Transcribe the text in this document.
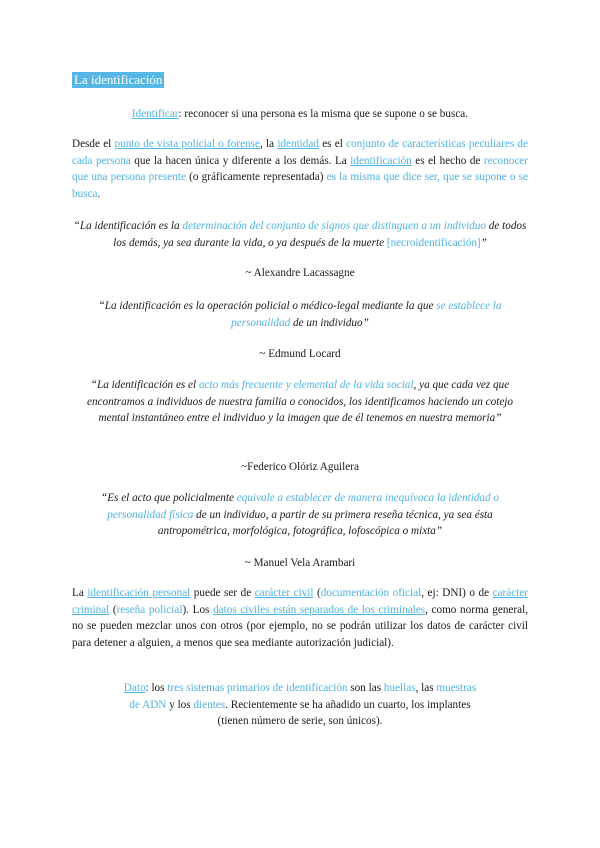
La identificación
Identificar: reconocer si una persona es la misma que se supone o se busca.
Desde el punto de vista policial o forense, la identidad es el conjunto de características peculiares de cada persona que la hacen única y diferente a los demás. La identificación es el hecho de reconocer que una persona presente (o gráficamente representada) es la misma que dice ser, que se supone o se busca.
“La identificación es la determinación del conjunto de signos que distinguen a un individuo de todos los demás, ya sea durante la vida, o ya después de la muerte [necroidentificación]”
~ Alexandre Lacassagne
“La identificación es la operación policial o médico-legal mediante la que se establece la personalidad de un individuo”
~ Edmund Locard
“La identificación es el acto más frecuente y elemental de la vida social, ya que cada vez que encontramos a individuos de nuestra familia o conocidos, los identificamos haciendo un cotejo mental instantáneo entre el individuo y la imagen que de él tenemos en nuestra memoria”
~Federico Olóriz Aguilera
“Es el acto que policialmente equivale a establecer de manera inequívoca la identidad o personalidad física de un individuo, a partir de su primera reseña técnica, ya sea ésta antropométrica, morfológica, fotográfica, lofoscópica o mixta”
~ Manuel Vela Arambari
La identificación personal puede ser de carácter civil (documentación oficial, ej: DNI) o de carácter criminal (reseña policial). Los datos civiles están separados de los criminales, como norma general, no se pueden mezclar unos con otros (por ejemplo, no se podrán utilizar los datos de carácter civil para detener a alguien, a menos que sea mediante autorización judicial).
Dato: los tres sistemas primarios de identificación son las huellas, las muestras de ADN y los dientes. Recientemente se ha añadido un cuarto, los implantes (tienen número de serie, son únicos).
